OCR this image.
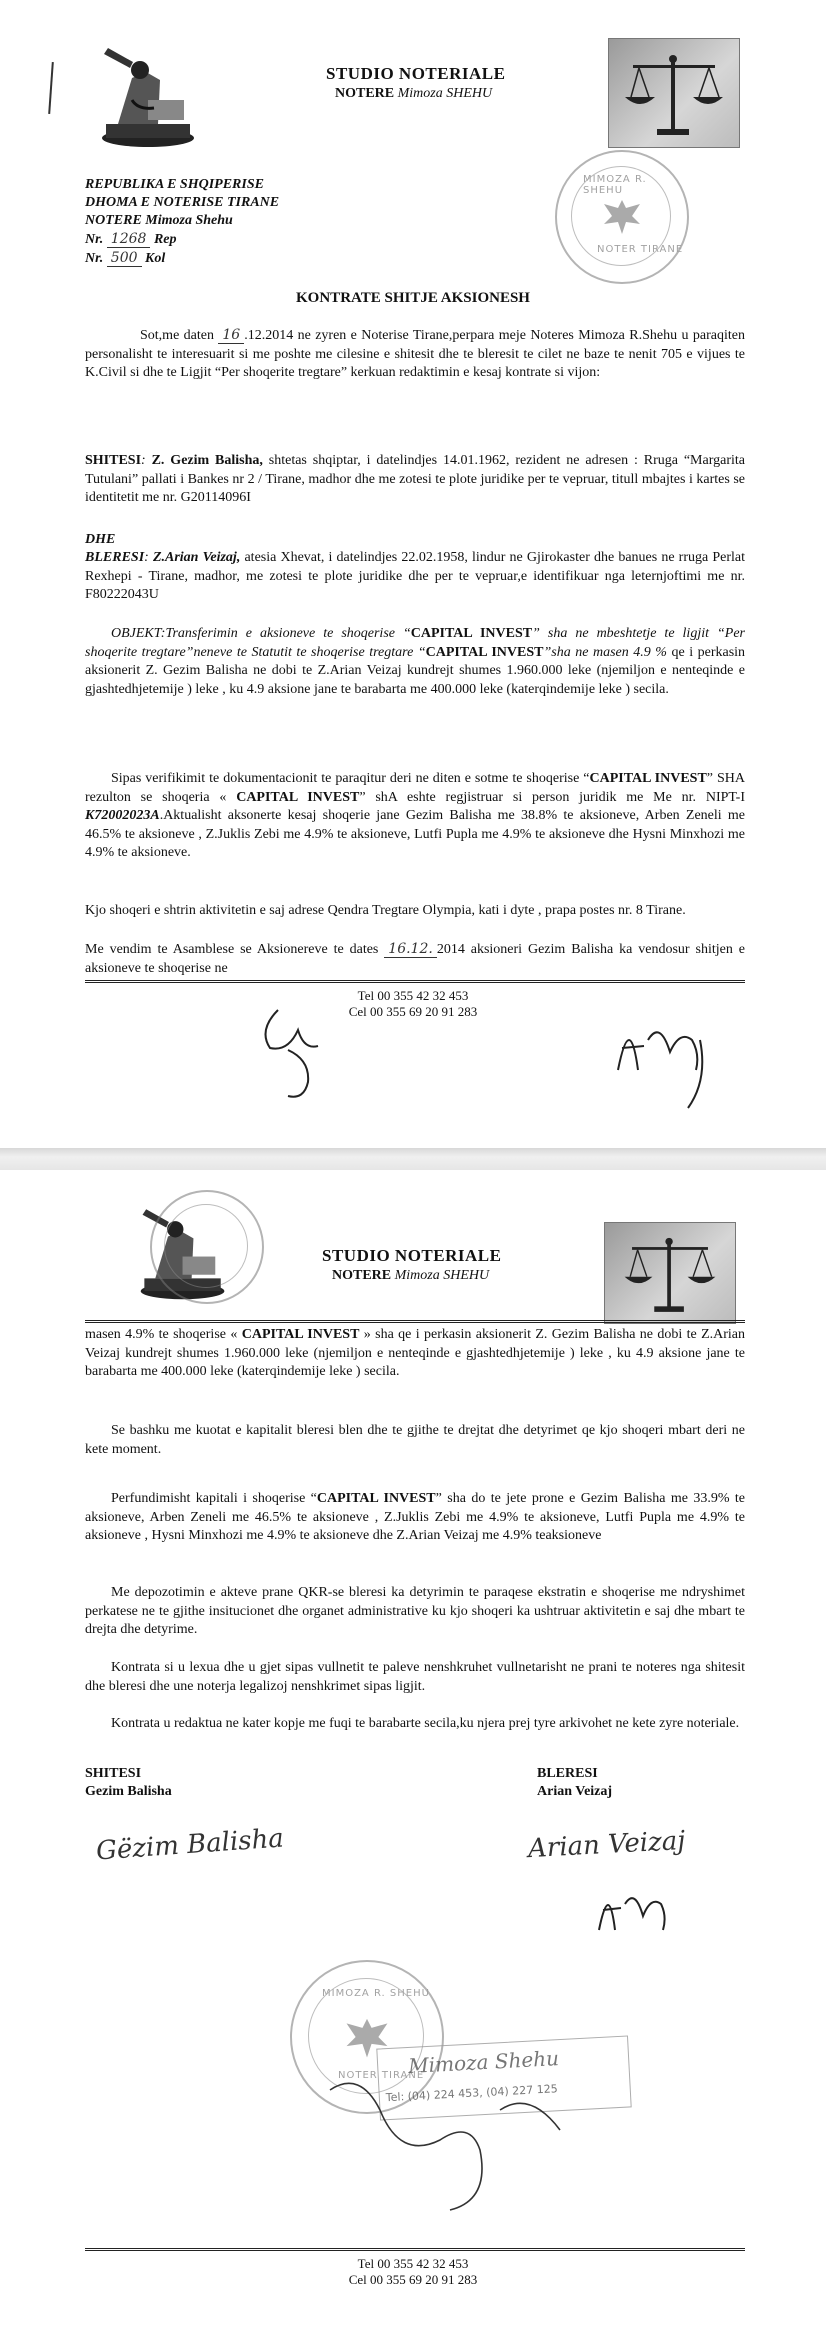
STUDIO NOTERIALE
NOTERE Mimoza SHEHU
REPUBLIKA E SHQIPERISE
DHOMA E NOTERISE TIRANE
NOTERE Mimoza Shehu
Nr. 1268 Rep
Nr. 500 Kol
MIMOZA R. SHEHU
NOTER TIRANE
KONTRATE SHITJE AKSIONESH
Sot,me daten 16 .12.2014 ne zyren e Noterise Tirane,perpara meje Noteres Mimoza R.Shehu u paraqiten personalisht te interesuarit si me poshte me cilesine e shitesit dhe te bleresit te cilet ne baze te nenit 705 e vijues te K.Civil si dhe te Ligjit “Per shoqerite tregtare” kerkuan redaktimin e kesaj kontrate si vijon:
SHITESI: Z. Gezim Balisha, shtetas shqiptar, i datelindjes 14.01.1962, rezident ne adresen : Rruga “Margarita Tutulani” pallati i Bankes nr 2 / Tirane, madhor dhe me zotesi te plote juridike per te vepruar, titull mbajtes i kartes se identitetit me nr. G20114096I
DHE
BLERESI: Z.Arian Veizaj, atesia Xhevat, i datelindjes 22.02.1958, lindur ne Gjirokaster dhe banues ne rruga Perlat Rexhepi - Tirane, madhor, me zotesi te plote juridike dhe per te vepruar,e identifikuar nga leternjoftimi me nr. F80222043U
OBJEKT:Transferimin e aksioneve te shoqerise “CAPITAL INVEST” sha ne mbeshtetje te ligjit “Per shoqerite tregtare”neneve te Statutit te shoqerise tregtare “CAPITAL INVEST”sha ne masen 4.9 % qe i perkasin aksionerit Z. Gezim Balisha ne dobi te Z.Arian Veizaj kundrejt shumes 1.960.000 leke (njemiljon e nenteqinde e gjashtedhjetemije ) leke , ku 4.9 aksione jane te barabarta me 400.000 leke (katerqindemije leke ) secila.
Sipas verifikimit te dokumentacionit te paraqitur deri ne diten e sotme te shoqerise “CAPITAL INVEST” SHA rezulton se shoqeria « CAPITAL INVEST” shA eshte regjistruar si person juridik me Me nr. NIPT-I K72002023A.Aktualisht aksonerte kesaj shoqerie jane Gezim Balisha me 38.8% te aksioneve, Arben Zeneli me 46.5% te aksioneve , Z.Juklis Zebi me 4.9% te aksioneve, Lutfi Pupla me 4.9% te aksioneve dhe Hysni Minxhozi me 4.9% te aksioneve.
Kjo shoqeri e shtrin aktivitetin e saj adrese Qendra Tregtare Olympia, kati i dyte , prapa postes nr. 8 Tirane.
Me vendim te Asamblese se Aksionereve te dates 16.12. 2014 aksioneri Gezim Balisha ka vendosur shitjen e aksioneve te shoqerise ne
Tel 00 355 42 32 453
Cel 00 355 69 20 91 283
STUDIO NOTERIALE
NOTERE Mimoza SHEHU
masen 4.9% te shoqerise « CAPITAL INVEST » sha qe i perkasin aksionerit Z. Gezim Balisha ne dobi te Z.Arian Veizaj kundrejt shumes 1.960.000 leke (njemiljon e nenteqinde e gjashtedhjetemije ) leke , ku 4.9 aksione jane te barabarta me 400.000 leke (katerqindemije leke ) secila.
Se bashku me kuotat e kapitalit bleresi blen dhe te gjithe te drejtat dhe detyrimet qe kjo shoqeri mbart deri ne kete moment.
Perfundimisht kapitali i shoqerise “CAPITAL INVEST” sha do te jete prone e Gezim Balisha me 33.9% te aksioneve, Arben Zeneli me 46.5% te aksioneve , Z.Juklis Zebi me 4.9% te aksioneve, Lutfi Pupla me 4.9% te aksioneve , Hysni Minxhozi me 4.9% te aksioneve dhe Z.Arian Veizaj me 4.9% teaksioneve
Me depozotimin e akteve prane QKR-se bleresi ka detyrimin te paraqese ekstratin e shoqerise me ndryshimet perkatese ne te gjithe insitucionet dhe organet administrative ku kjo shoqeri ka ushtruar aktivitetin e saj dhe mbart te drejta dhe detyrime.
Kontrata si u lexua dhe u gjet sipas vullnetit te paleve nenshkruhet vullnetarisht ne prani te noteres nga shitesit dhe bleresi dhe une noterja legalizoj nenshkrimet sipas ligjit.
Kontrata u redaktua ne kater kopje me fuqi te barabarte secila,ku njera prej tyre arkivohet ne kete zyre noteriale.
SHITESI
Gezim Balisha
BLERESI
Arian Veizaj
Gëzim Balisha	Arian Veizaj
MIMOZA R. SHEHU
NOTER TIRANE
Mimoza Shehu
Tel: (04) 224 453, (04) 227 125
Tel 00 355 42 32 453
Cel 00 355 69 20 91 283
